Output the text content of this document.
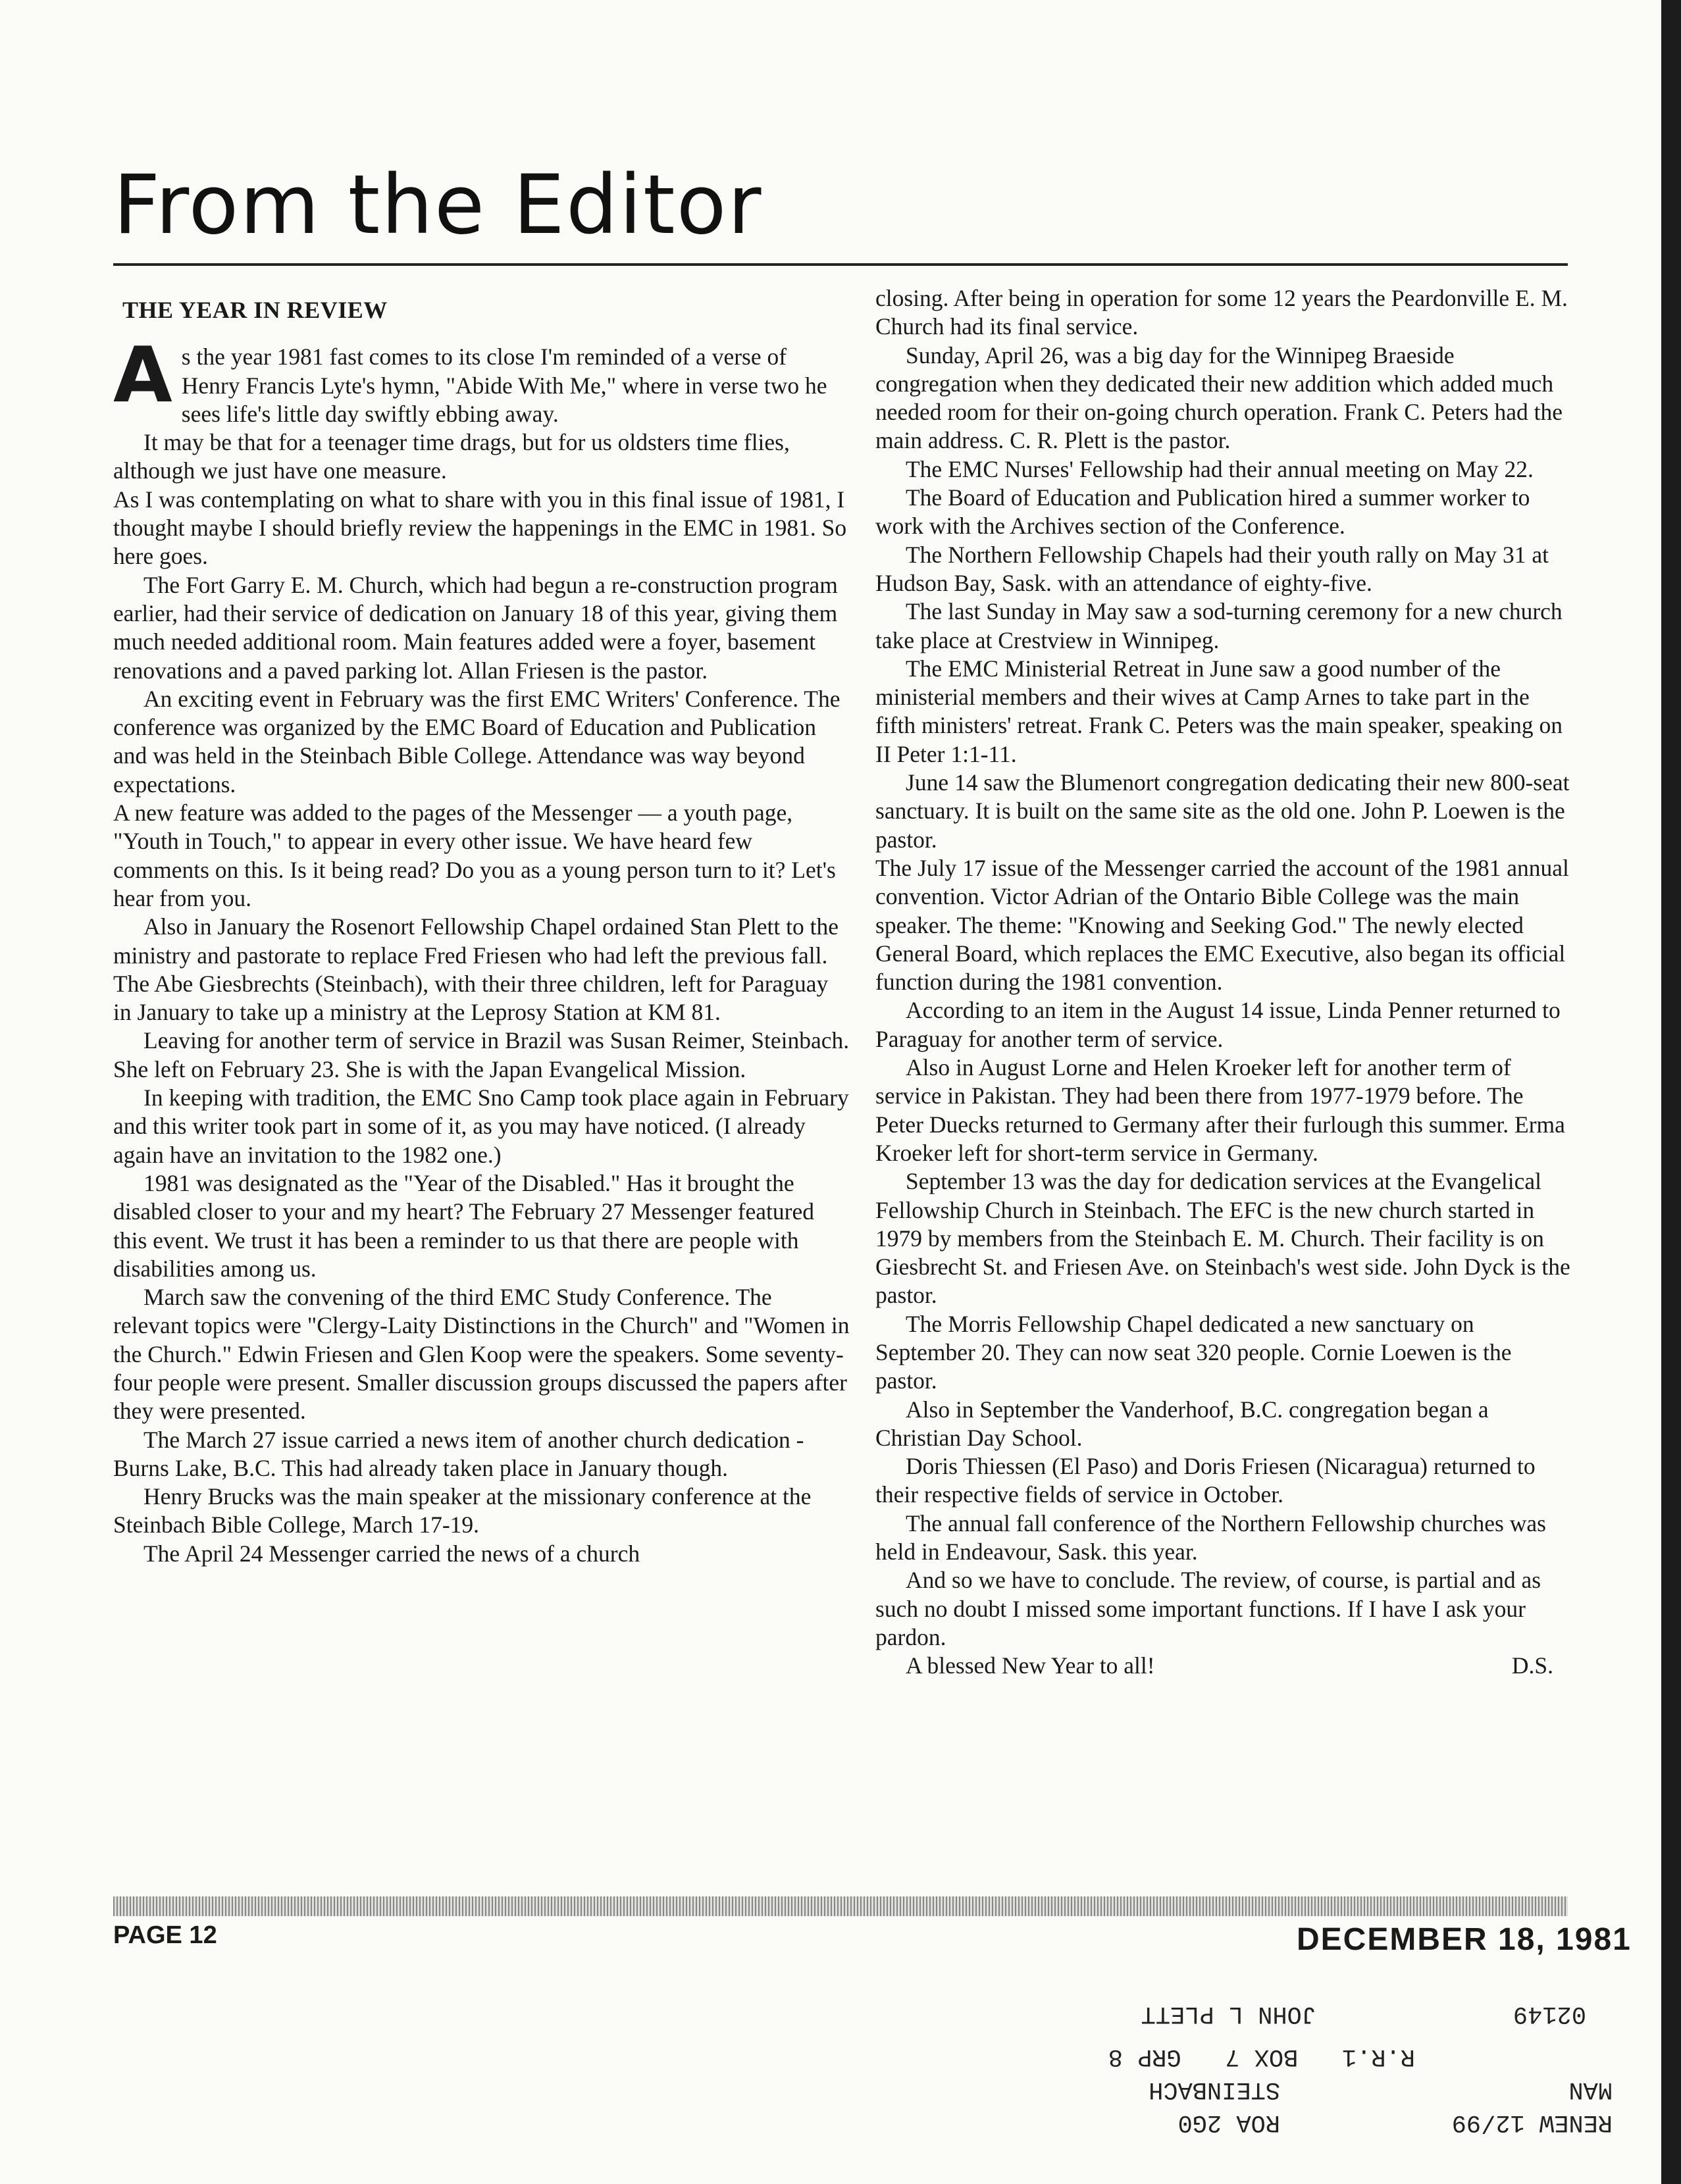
From the Editor
THE YEAR IN REVIEW

As the year 1981 fast comes to its close I'm reminded of a verse of Henry Francis Lyte's hymn, "Abide With Me," where in verse two he sees life's little day swiftly ebbing away.

It may be that for a teenager time drags, but for us oldsters time flies, although we just have one measure.

As I was contemplating on what to share with you in this final issue of 1981, I thought maybe I should briefly review the happenings in the EMC in 1981. So here goes.

The Fort Garry E. M. Church, which had begun a re-construction program earlier, had their service of dedication on January 18 of this year, giving them much needed additional room. Main features added were a foyer, basement renovations and a paved parking lot. Allan Friesen is the pastor.

An exciting event in February was the first EMC Writers' Conference. The conference was organized by the EMC Board of Education and Publication and was held in the Steinbach Bible College. Attendance was way beyond expectations.

A new feature was added to the pages of the Messenger — a youth page, "Youth in Touch," to appear in every other issue. We have heard few comments on this. Is it being read? Do you as a young person turn to it? Let's hear from you.

Also in January the Rosenort Fellowship Chapel ordained Stan Plett to the ministry and pastorate to replace Fred Friesen who had left the previous fall.

The Abe Giesbrechts (Steinbach), with their three children, left for Paraguay in January to take up a ministry at the Leprosy Station at KM 81.

Leaving for another term of service in Brazil was Susan Reimer, Steinbach. She left on February 23. She is with the Japan Evangelical Mission.

In keeping with tradition, the EMC Sno Camp took place again in February and this writer took part in some of it, as you may have noticed. (I already again have an invitation to the 1982 one.)

1981 was designated as the "Year of the Disabled." Has it brought the disabled closer to your and my heart? The February 27 Messenger featured this event. We trust it has been a reminder to us that there are people with disabilities among us.

March saw the convening of the third EMC Study Conference. The relevant topics were "Clergy-Laity Distinctions in the Church" and "Women in the Church." Edwin Friesen and Glen Koop were the speakers. Some seventy-four people were present. Smaller discussion groups discussed the papers after they were presented.

The March 27 issue carried a news item of another church dedication - Burns Lake, B.C. This had already taken place in January though.

Henry Brucks was the main speaker at the missionary conference at the Steinbach Bible College, March 17-19.

The April 24 Messenger carried the news of a church

closing. After being in operation for some 12 years the Peardonville E. M. Church had its final service.

Sunday, April 26, was a big day for the Winnipeg Braeside congregation when they dedicated their new addition which added much needed room for their on-going church operation. Frank C. Peters had the main address. C. R. Plett is the pastor.

The EMC Nurses' Fellowship had their annual meeting on May 22.

The Board of Education and Publication hired a summer worker to work with the Archives section of the Conference.

The Northern Fellowship Chapels had their youth rally on May 31 at Hudson Bay, Sask. with an attendance of eighty-five.

The last Sunday in May saw a sod-turning ceremony for a new church take place at Crestview in Winnipeg.

The EMC Ministerial Retreat in June saw a good number of the ministerial members and their wives at Camp Arnes to take part in the fifth ministers' retreat. Frank C. Peters was the main speaker, speaking on II Peter 1:1-11.

June 14 saw the Blumenort congregation dedicating their new 800-seat sanctuary. It is built on the same site as the old one. John P. Loewen is the pastor.

The July 17 issue of the Messenger carried the account of the 1981 annual convention. Victor Adrian of the Ontario Bible College was the main speaker. The theme: "Knowing and Seeking God." The newly elected General Board, which replaces the EMC Executive, also began its official function during the 1981 convention.

According to an item in the August 14 issue, Linda Penner returned to Paraguay for another term of service.

Also in August Lorne and Helen Kroeker left for another term of service in Pakistan. They had been there from 1977-1979 before. The Peter Duecks returned to Germany after their furlough this summer. Erma Kroeker left for short-term service in Germany.

September 13 was the day for dedication services at the Evangelical Fellowship Church in Steinbach. The EFC is the new church started in 1979 by members from the Steinbach E. M. Church. Their facility is on Giesbrecht St. and Friesen Ave. on Steinbach's west side. John Dyck is the pastor.

The Morris Fellowship Chapel dedicated a new sanctuary on September 20. They can now seat 320 people. Cornie Loewen is the pastor.

Also in September the Vanderhoof, B.C. congregation began a Christian Day School.

Doris Thiessen (El Paso) and Doris Friesen (Nicaragua) returned to their respective fields of service in October.

The annual fall conference of the Northern Fellowship churches was held in Endeavour, Sask. this year.

And so we have to conclude. The review, of course, is partial and as such no doubt I missed some important functions. If I have I ask your pardon.

A blessed New Year to all!	D.S.

PAGE 12	DECEMBER 18, 1981

RENEW 12/99

ROA 2G0

MAN

STEINBACH

R.R.1   BOX 7   GRP 8

02149

JOHN L PLETT
